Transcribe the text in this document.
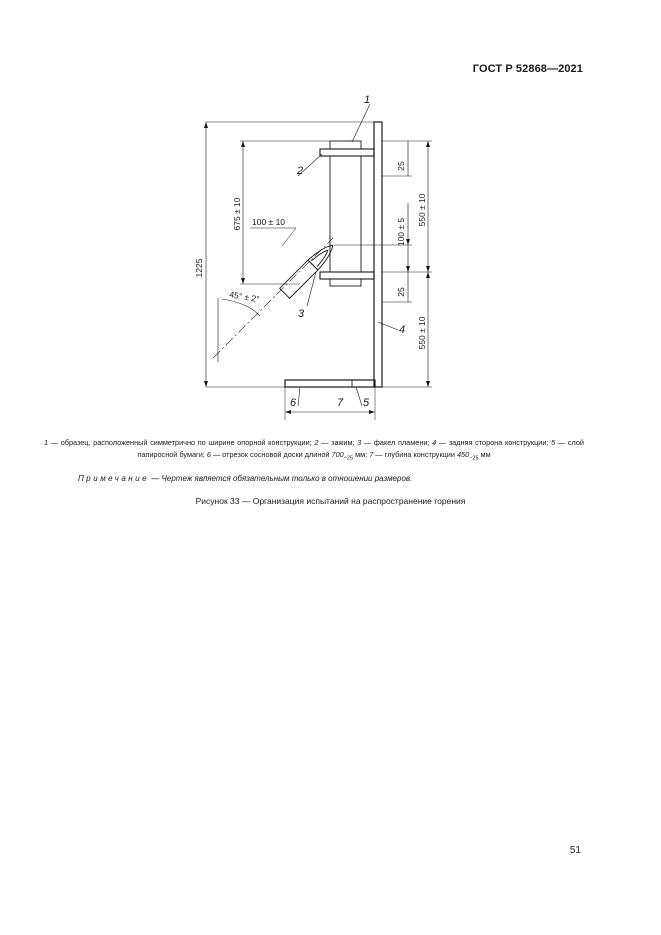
ГОСТ Р 52868—2021
1225
675 ± 10 100 ± 10
45° ± 2°
25
550 ± 10
100 ± 5
25
550 ± 10
1
2
3
4
5
6	7
1 — образец, расположенный симметрично по ширине опорной конструкции; 2 — зажим; 3 — факел пламени; 4 — задняя сторона конструкции; 5 — слой папиросной бумаги; 6 — отрезок сосновой доски длиной $700_{-25}$ мм; 7 — глубина конструкции $450_{-25}$ мм
Примечание — Чертеж является обязательным только в отношении размеров.
Рисунок 33 — Организация испытаний на распространение горения
51
